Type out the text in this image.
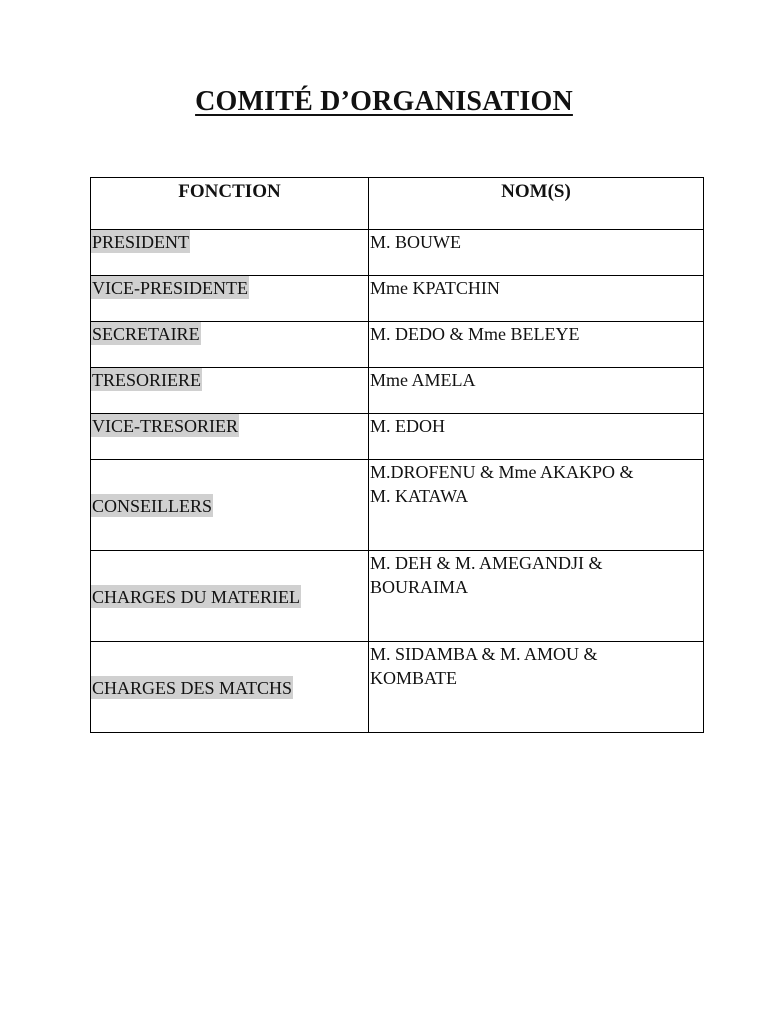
COMITÉ D’ORGANISATION
FONCTION	NOM(S)
PRESIDENT	M. BOUWE

VICE-PRESIDENTE	Mme KPATCHIN

SECRETAIRE	M. DEDO & Mme BELEYE

TRESORIERE	Mme AMELA

VICE-TRESORIER	M. EDOH

CONSEILLERS	M.DROFENU & Mme AKAKPO &
M. KATAWA

CHARGES DU MATERIEL	M. DEH & M. AMEGANDJI &
BOURAIMA

CHARGES DES MATCHS	M. SIDAMBA & M. AMOU &
KOMBATE
